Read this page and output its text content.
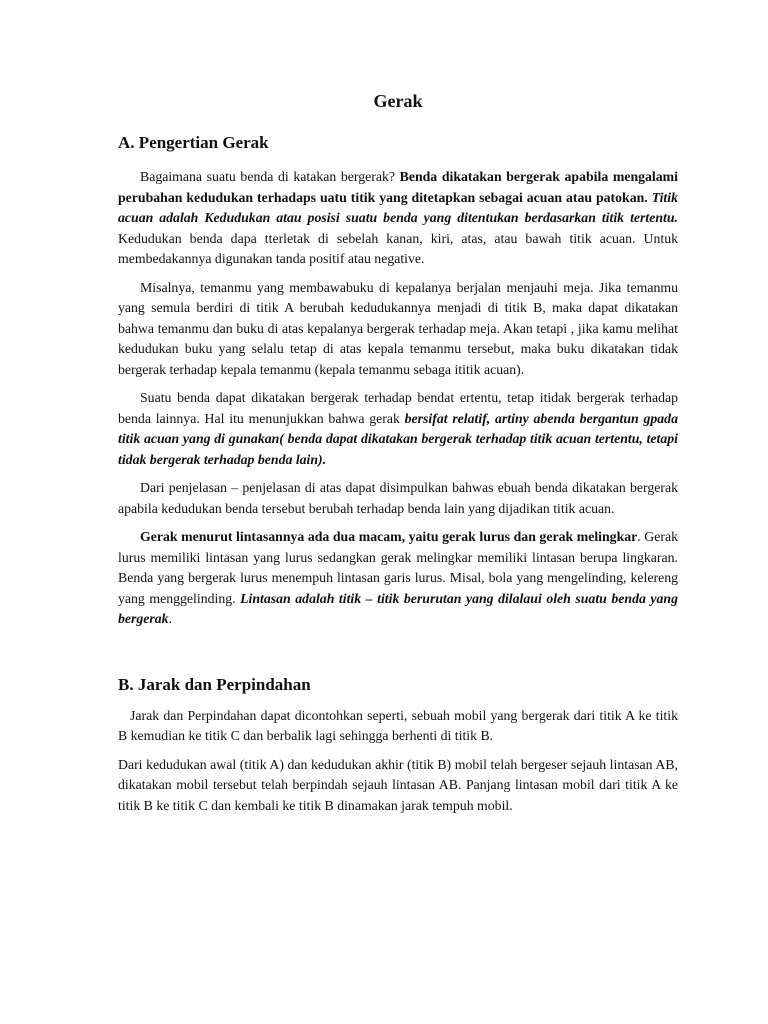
Gerak
A. Pengertian Gerak

Bagaimana suatu benda di katakan bergerak? Benda dikatakan bergerak apabila mengalami perubahan kedudukan terhadaps uatu titik yang ditetapkan sebagai acuan atau patokan. Titik acuan adalah Kedudukan atau posisi suatu benda yang ditentukan berdasarkan titik tertentu. Kedudukan benda dapa tterletak di sebelah kanan, kiri, atas, atau bawah titik acuan. Untuk membedakannya digunakan tanda positif atau negative.

Misalnya, temanmu yang membawabuku di kepalanya berjalan menjauhi meja. Jika temanmu yang semula berdiri di titik A berubah kedudukannya menjadi di titik B, maka dapat dikatakan bahwa temanmu dan buku di atas kepalanya bergerak terhadap meja. Akan tetapi , jika kamu melihat kedudukan buku yang selalu tetap di atas kepala temanmu tersebut, maka buku dikatakan tidak bergerak terhadap kepala temanmu (kepala temanmu sebaga ititik acuan).

Suatu benda dapat dikatakan bergerak terhadap bendat ertentu, tetap itidak bergerak terhadap benda lainnya. Hal itu menunjukkan bahwa gerak bersifat relatif, artiny abenda bergantun gpada titik acuan yang di gunakan( benda dapat dikatakan bergerak terhadap titik acuan tertentu, tetapi tidak bergerak terhadap benda lain).

Dari penjelasan – penjelasan di atas dapat disimpulkan bahwas ebuah benda dikatakan bergerak apabila kedudukan benda tersebut berubah terhadap benda lain yang dijadikan titik acuan.

Gerak menurut lintasannya ada dua macam, yaitu gerak lurus dan gerak melingkar. Gerak lurus memiliki lintasan yang lurus sedangkan gerak melingkar memiliki lintasan berupa lingkaran. Benda yang bergerak lurus menempuh lintasan garis lurus. Misal, bola yang mengelinding, kelereng yang menggelinding. Lintasan adalah titik – titik berurutan yang dilalaui oleh suatu benda yang bergerak.

B. Jarak dan Perpindahan

Jarak dan Perpindahan dapat dicontohkan seperti, sebuah mobil yang bergerak dari titik A ke titik B kemudian ke titik C dan berbalik lagi sehingga berhenti di titik B.

Dari kedudukan awal (titik A) dan kedudukan akhir (titik B) mobil telah bergeser sejauh lintasan AB, dikatakan mobil tersebut telah berpindah sejauh lintasan AB. Panjang lintasan mobil dari titik A ke titik B ke titik C dan kembali ke titik B dinamakan jarak tempuh mobil.
